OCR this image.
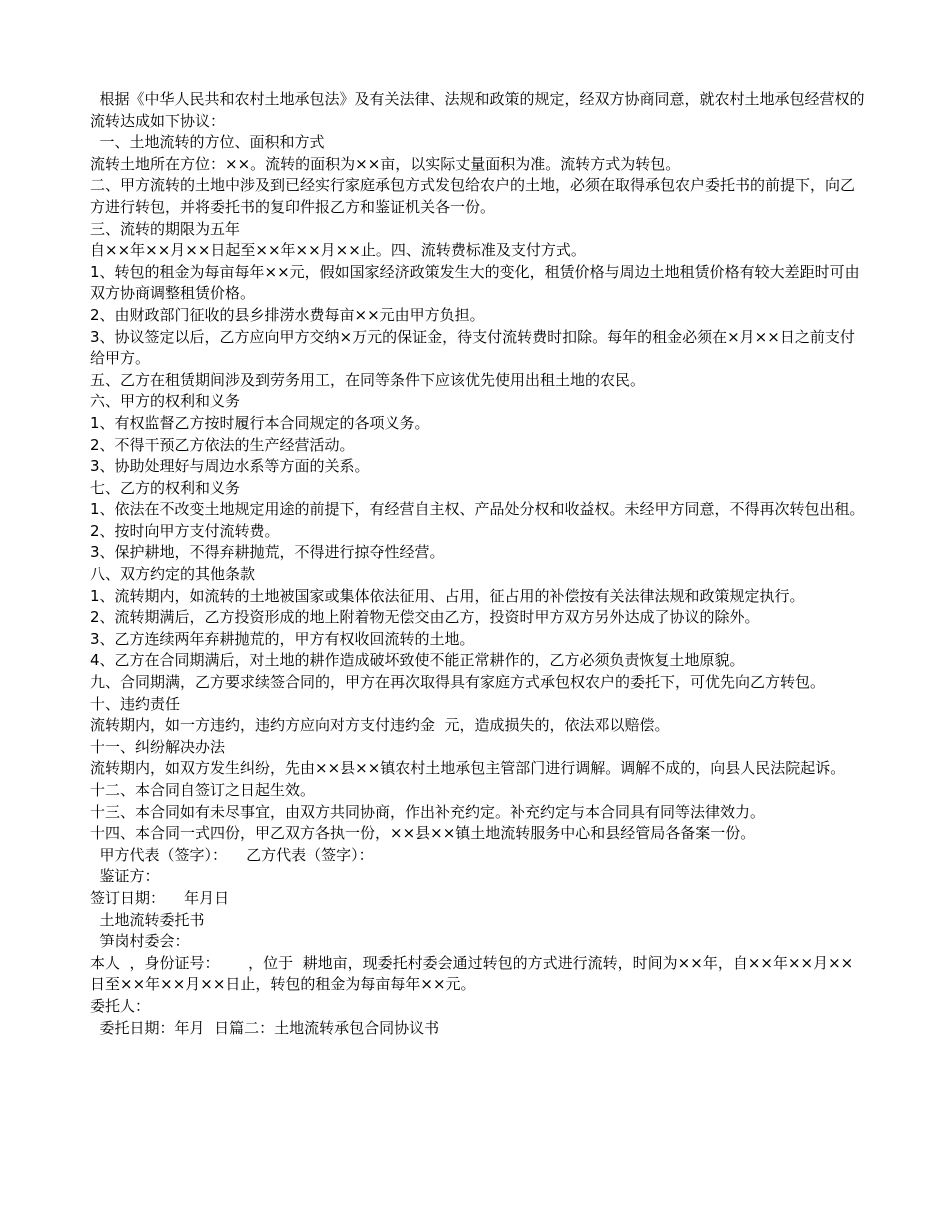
根据《中华人民共和农村土地承包法》及有关法律、法规和政策的规定，经双方协商同意，就农村土地承包经营权的流转达成如下协议：

一、土地流转的方位、面积和方式

流转土地所在方位：××。流转的面积为××亩，以实际丈量面积为准。流转方式为转包。

二、甲方流转的土地中涉及到已经实行家庭承包方式发包给农户的土地，必须在取得承包农户委托书的前提下，向乙方进行转包，并将委托书的复印件报乙方和鉴证机关各一份。

三、流转的期限为五年

自××年××月××日起至××年××月××止。四、流转费标准及支付方式。

1、转包的租金为每亩每年××元，假如国家经济政策发生大的变化，租赁价格与周边土地租赁价格有较大差距时可由双方协商调整租赁价格。

2、由财政部门征收的县乡排涝水费每亩××元由甲方负担。

3、协议签定以后，乙方应向甲方交纳×万元的保证金，待支付流转费时扣除。每年的租金必须在×月××日之前支付给甲方。

五、乙方在租赁期间涉及到劳务用工，在同等条件下应该优先使用出租土地的农民。

六、甲方的权利和义务

1、有权监督乙方按时履行本合同规定的各项义务。

2、不得干预乙方依法的生产经营活动。

3、协助处理好与周边水系等方面的关系。

七、乙方的权利和义务

1、依法在不改变土地规定用途的前提下，有经营自主权、产品处分权和收益权。未经甲方同意，不得再次转包出租。

2、按时向甲方支付流转费。

3、保护耕地，不得弃耕抛荒，不得进行掠夺性经营。

八、双方约定的其他条款

1、流转期内，如流转的土地被国家或集体依法征用、占用，征占用的补偿按有关法律法规和政策规定执行。

2、流转期满后，乙方投资形成的地上附着物无偿交由乙方，投资时甲方双方另外达成了协议的除外。

3、乙方连续两年弃耕抛荒的，甲方有权收回流转的土地。

4、乙方在合同期满后，对土地的耕作造成破坏致使不能正常耕作的，乙方必须负责恢复土地原貌。

九、合同期满，乙方要求续签合同的，甲方在再次取得具有家庭方式承包权农户的委托下，可优先向乙方转包。

十、违约责任

流转期内，如一方违约，违约方应向对方支付违约金  元，造成损失的，依法邓以赔偿。

十一、纠纷解决办法

流转期内，如双方发生纠纷，先由××县××镇农村土地承包主管部门进行调解。调解不成的，向县人民法院起诉。

十二、本合同自签订之日起生效。

十三、本合同如有未尽事宜，由双方共同协商，作出补充约定。补充约定与本合同具有同等法律效力。

十四、本合同一式四份，甲乙双方各执一份，××县××镇土地流转服务中心和县经管局各备案一份。

甲方代表（签字）：    乙方代表（签字）：

鉴证方：

签订日期：    年月日

土地流转委托书

笋岗村委会：

本人  ，身份证号：      ，位于  耕地亩，现委托村委会通过转包的方式进行流转，时间为××年，自××年××月××日至××年××月××日止，转包的租金为每亩每年××元。

委托人：

委托日期：年月  日篇二：土地流转承包合同协议书
